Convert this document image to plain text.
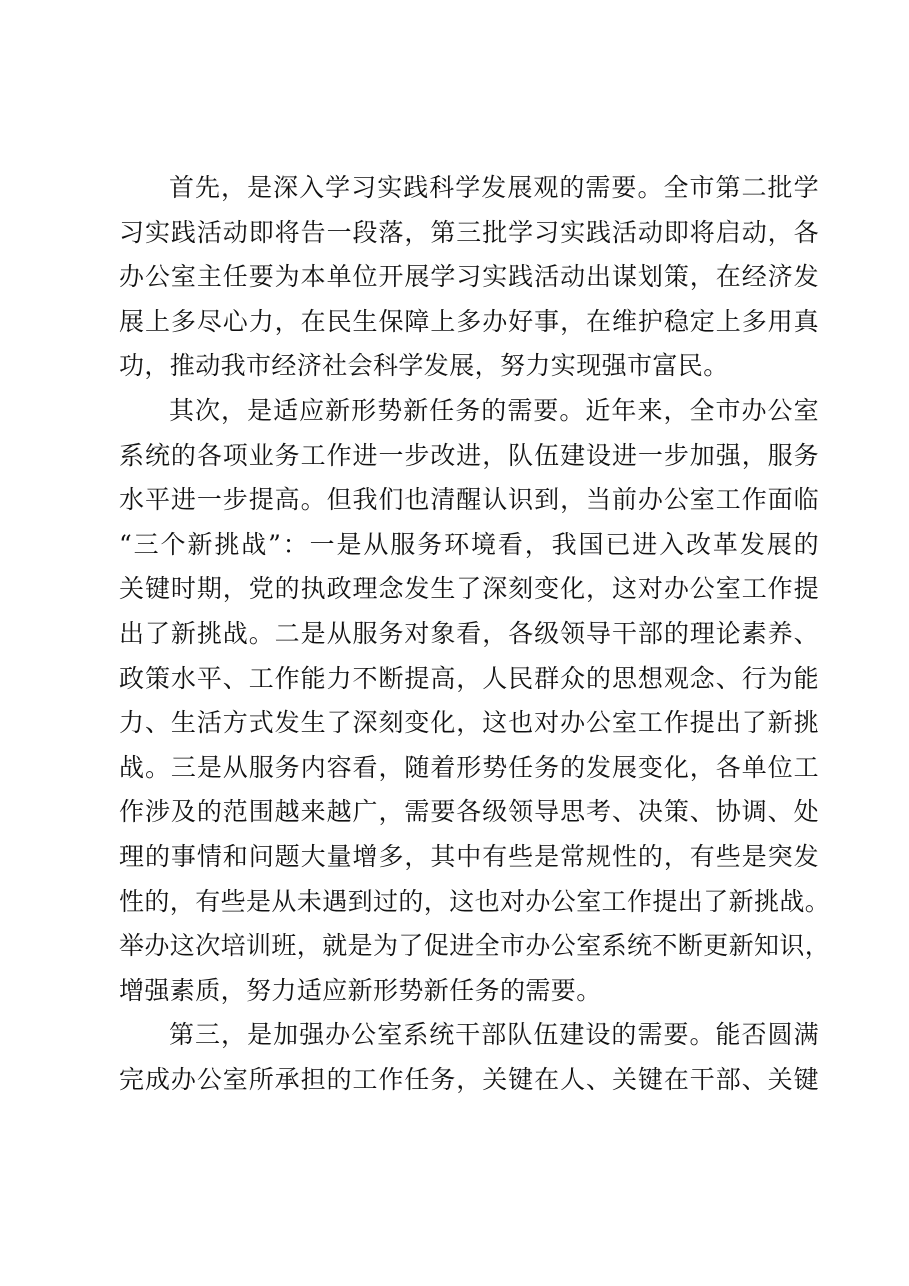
首先，是深入学习实践科学发展观的需要。全市第二批学
习实践活动即将告一段落，第三批学习实践活动即将启动，各
办公室主任要为本单位开展学习实践活动出谋划策，在经济发
展上多尽心力，在民生保障上多办好事，在维护稳定上多用真
功，推动我市经济社会科学发展，努力实现强市富民。
其次，是适应新形势新任务的需要。近年来，全市办公室
系统的各项业务工作进一步改进，队伍建设进一步加强，服务
水平进一步提高。但我们也清醒认识到，当前办公室工作面临
“三个新挑战”：一是从服务环境看，我国已进入改革发展的
关键时期，党的执政理念发生了深刻变化，这对办公室工作提
出了新挑战。二是从服务对象看，各级领导干部的理论素养、
政策水平、工作能力不断提高，人民群众的思想观念、行为能
力、生活方式发生了深刻变化，这也对办公室工作提出了新挑
战。三是从服务内容看，随着形势任务的发展变化，各单位工
作涉及的范围越来越广，需要各级领导思考、决策、协调、处
理的事情和问题大量增多，其中有些是常规性的，有些是突发
性的，有些是从未遇到过的，这也对办公室工作提出了新挑战。
举办这次培训班，就是为了促进全市办公室系统不断更新知识，
增强素质，努力适应新形势新任务的需要。
第三，是加强办公室系统干部队伍建设的需要。能否圆满
完成办公室所承担的工作任务，关键在人、关键在干部、关键
